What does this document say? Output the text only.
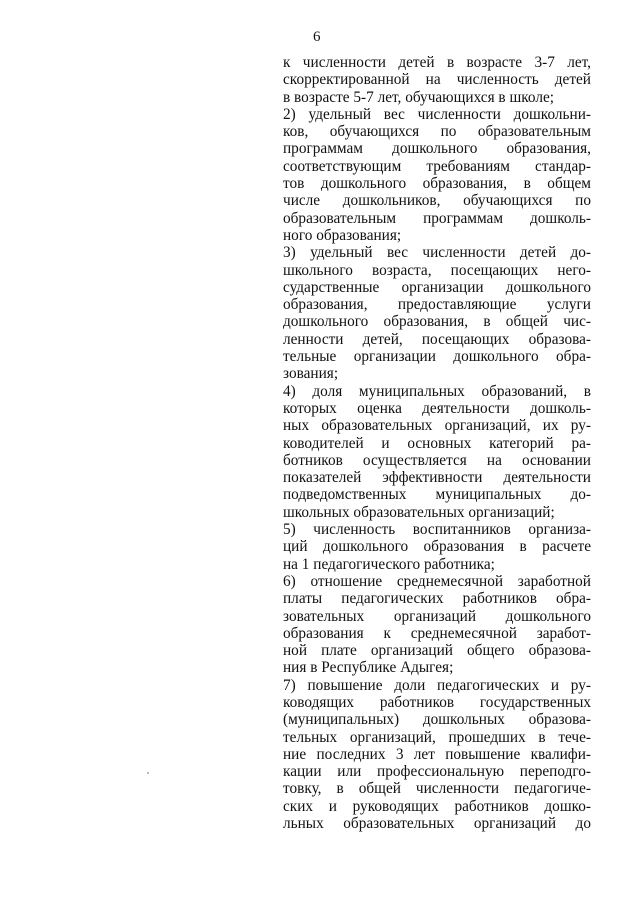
6
к численности детей в возрасте 3-7 лет,
скорректированной на численность детей
в возрасте 5-7 лет, обучающихся в школе;
2) удельный вес численности дошкольни-
ков, обучающихся по образовательным
программам дошкольного образования,
соответствующим требованиям стандар-
тов дошкольного образования, в общем
числе дошкольников, обучающихся по
образовательным программам дошколь-
ного образования;
3) удельный вес численности детей до-
школьного возраста, посещающих него-
сударственные организации дошкольного
образования, предоставляющие услуги
дошкольного образования, в общей чис-
ленности детей, посещающих образова-
тельные организации дошкольного обра-
зования;
4) доля муниципальных образований, в
которых оценка деятельности дошколь-
ных образовательных организаций, их ру-
ководителей и основных категорий ра-
ботников осуществляется на основании
показателей эффективности деятельности
подведомственных муниципальных до-
школьных образовательных организаций;
5) численность воспитанников организа-
ций дошкольного образования в расчете
на 1 педагогического работника;
6) отношение среднемесячной заработной
платы педагогических работников обра-
зовательных организаций дошкольного
образования к среднемесячной заработ-
ной плате организаций общего образова-
ния в Республике Адыгея;
7) повышение доли педагогических и ру-
ководящих работников государственных
(муниципальных) дошкольных образова-
тельных организаций, прошедших в тече-
ние последних 3 лет повышение квалифи-
кации или профессиональную переподго-
товку, в общей численности педагогиче-
ских и руководящих работников дошко-
льных образовательных организаций до
